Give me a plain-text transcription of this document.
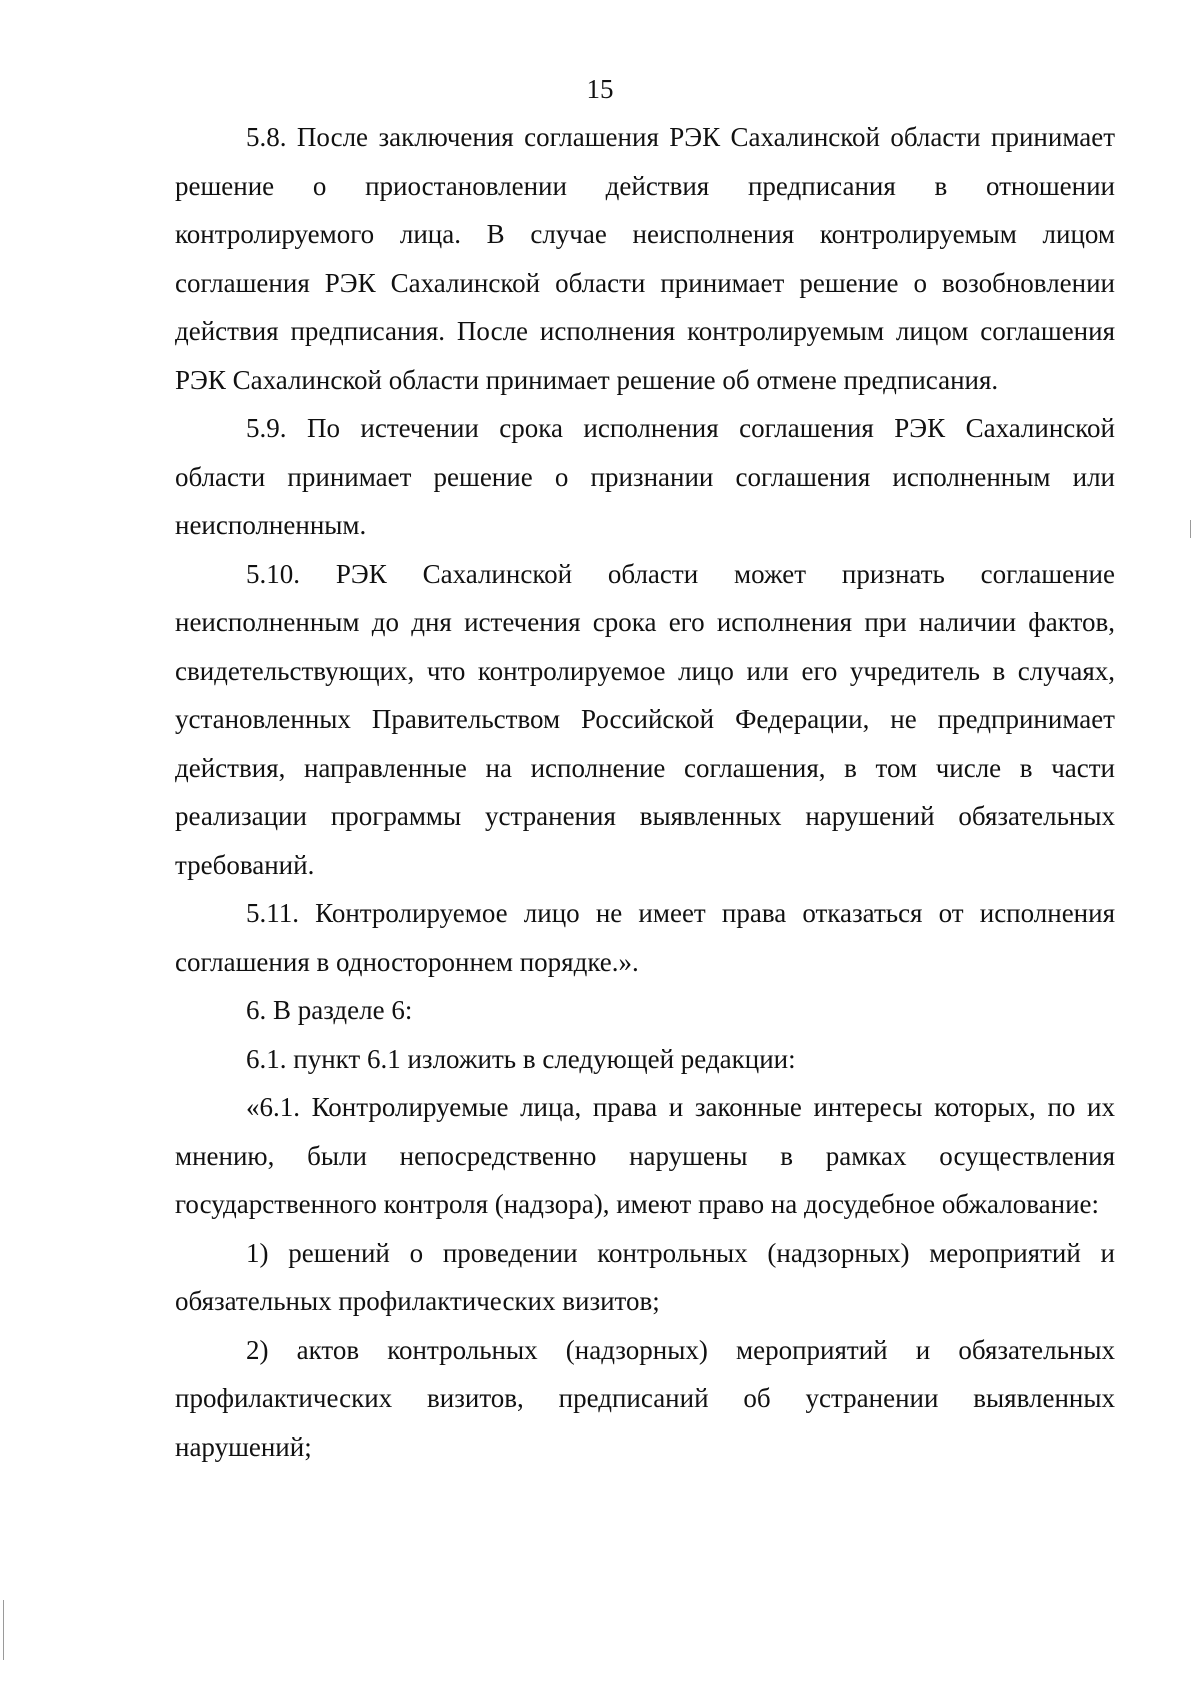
15

5.8. После заключения соглашения РЭК Сахалинской области принимает решение о приостановлении действия предписания в отношении контролируемого лица. В случае неисполнения контролируемым лицом соглашения РЭК Сахалинской области принимает решение о возобновлении действия предписания. После исполнения контролируемым лицом соглашения РЭК Сахалинской области принимает решение об отмене предписания.

5.9. По истечении срока исполнения соглашения РЭК Сахалинской области принимает решение о признании соглашения исполненным или неисполненным.

5.10. РЭК Сахалинской области может признать соглашение неисполненным до дня истечения срока его исполнения при наличии фактов, свидетельствующих, что контролируемое лицо или его учредитель в случаях, установленных Правительством Российской Федерации, не предпринимает действия, направленные на исполнение соглашения, в том числе в части реализации программы устранения выявленных нарушений обязательных требований.

5.11. Контролируемое лицо не имеет права отказаться от исполнения соглашения в одностороннем порядке.».

6. В разделе 6:

6.1. пункт 6.1 изложить в следующей редакции:

«6.1. Контролируемые лица, права и законные интересы которых, по их мнению, были непосредственно нарушены в рамках осуществления государственного контроля (надзора), имеют право на досудебное обжалование:

1) решений о проведении контрольных (надзорных) мероприятий и обязательных профилактических визитов;

2) актов контрольных (надзорных) мероприятий и обязательных профилактических визитов, предписаний об устранении выявленных нарушений;
